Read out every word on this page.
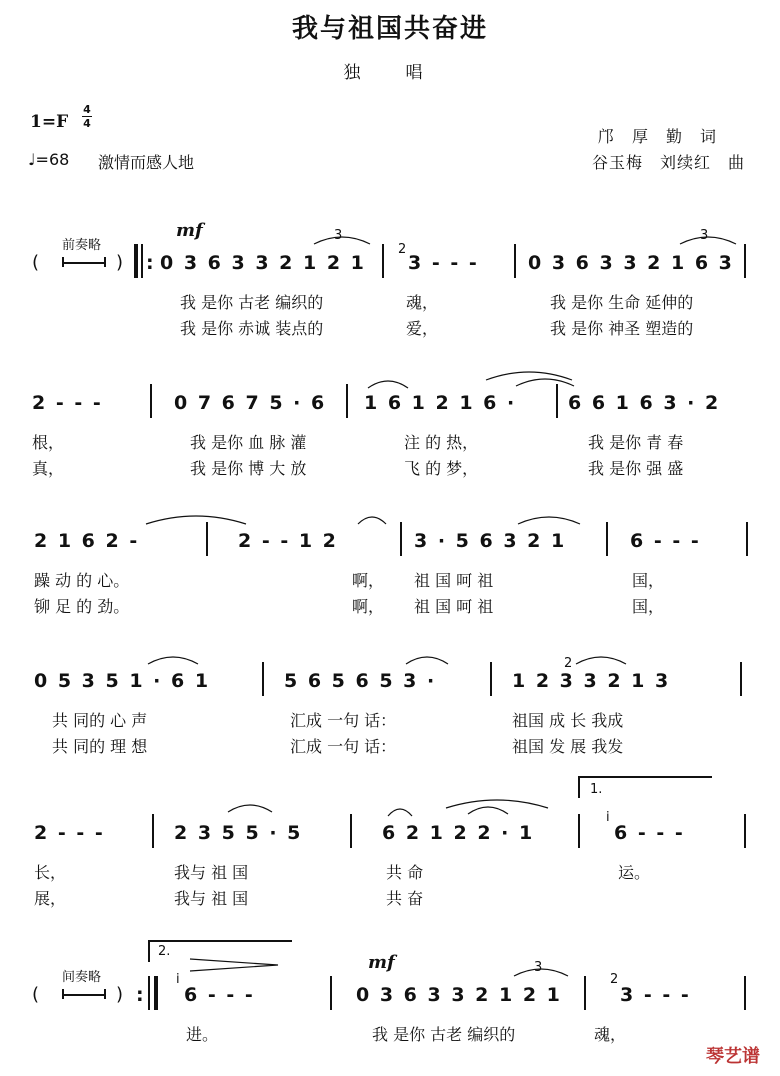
我与祖国共奋进
独　唱
1=F
4
4
♩=68 激情而感人地
邝　厚　勤　词
谷玉梅　刘续红　曲
前奏略
(	) :
mf	3
0 3 6 3 3 2 1 2 1
2
3 - - -
3
0 3 6 3 3 2 1 6 3
我 是你 古老 编织的	魂，	我 是你 生命 延伸的
我 是你 赤诚 装点的	爱，	我 是你 神圣 塑造的
2 - - -	0 7 6 7 5 · 6 1 6 1 2 1 6 ·	6 6 1 6 3 · 2
根，	我 是你 血 脉 灌	注 的 热，	我 是你 青 春
真，	我 是你 博 大 放	飞 的 梦，	我 是你 强 盛
2 1 6 2 -	2 - - 1 2	3 · 5 6 3 2 1	6 - - -
躁 动 的 心。	啊， 祖 国 呵 祖	国，
铆 足 的 劲。	啊， 祖 国 呵 祖	国，
2
0 5 3 5 1 · 6 1	5 6 5 6 5 3 ·	1 2 3 3 2 1 3
共 同的 心 声	汇成 一句 话：	祖国 成 长 我成
共 同的 理 想	汇成 一句 话：	祖国 发 展 我发
1.
2 - - -	2 3 5 5 · 5	6 2 1 2 2 · 1
i
6 - - -
长，	我与 祖 国	共 命	运。
展，	我与 祖 国	共 奋
2.
间奏略
(	) :
i
6 - - -
mf	3
0 3 6 3 3 2 1 2 1
2
3 - - -
进。	我 是你 古老 编织的	魂，
琴艺谱
